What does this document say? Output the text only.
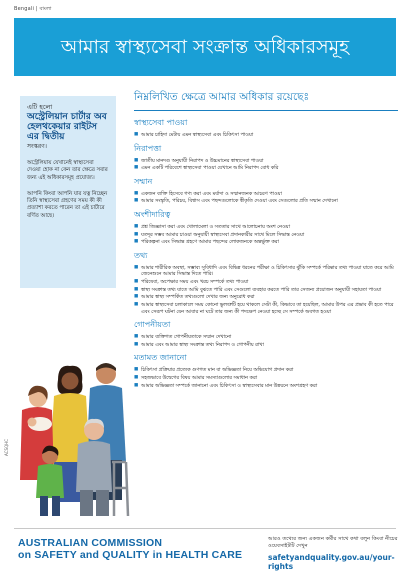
Bengali | বাংলা
আমার স্বাস্থ্যসেবা সংক্রান্ত অধিকারসমূহ
এটি হলো
অস্ট্রেলিয়ান চার্টার অব হেলথকেয়ার রাইটস এর দ্বিতীয়
সংস্করণ।

অস্ট্রেলিয়ায় যেখানেই স্বাস্থ্যসেবা দেওয়া হোক না কেন তার ক্ষেত্রে সবার জন্য এই অধিকারসমূহ প্রযোজ্য।

আপনি কিংবা আপনি যার যত্ন নিচ্ছেন তিনি স্বাস্থ্যসেবা গ্রহণের সময় কী কী প্রত্যাশা করতে পারেন তা এই চার্টারে বর্ণিত আছে।

নিম্নলিখিত ক্ষেত্রে আমার অধিকার রয়েছেঃ
স্বাস্থ্যসেবা পাওয়া
■ আমার চাহিদা মেটায় এমন স্বাস্থ্যসেবা এবং চিকিৎসা পাওয়া
নিরাপত্তা
■ জাতীয় মানদণ্ড অনুযায়ী নিরাপদ ও উচ্চমানের স্বাস্থ্যসেবা পাওয়া
■ এমন একটি পরিবেশে স্বাস্থ্যসেবা পাওয়া যেখানে আমি নিরাপদ বোধ করি
সম্মান
■ একজন ব্যক্তি হিসেবে গণ্য করা এবং মর্যাদা ও সম্মানজনক আচরণ পাওয়া
■ আমার সংস্কৃতি, পরিচয়, বিশ্বাস এবং পছন্দগুলোকে স্বীকৃতি দেওয়া এবং সেগুলোর প্রতি সম্মান দেখানো
অংশীদারিত্ব
■ প্রশ্ন জিজ্ঞাসা করা এবং খোলামেলা ও সততার সাথে আলোচনায় অংশ নেওয়া
■ যতদূর সম্ভব আমার চাওয়া অনুযায়ী স্বাস্থ্যসেবা প্রদানকারীর সাথে মিলে সিদ্ধান্ত নেওয়া
■ পরিকল্পনা এবং সিদ্ধান্ত গ্রহণে আমার পছন্দের লোকজনকে অন্তর্ভুক্ত করা
তথ্য
■ আমার শারীরিক অবস্থা, সম্ভাব্য সুবিধাদি এবং বিভিন্ন ধরনের পরীক্ষা ও চিকিৎসার ঝুঁকি সম্পর্কে পরিষ্কার তথ্য পাওয়া যাতে করে আমি জেনেশুনে আমার সিদ্ধান্ত দিতে পারি।
■ পরিষেবা, অপেক্ষার সময় এবং খরচ সম্পর্কে তথ্য পাওয়া
■ স্বাস্থ্য সংক্রান্ত তথ্য যাতে আমি বুঝতে পারি এবং সেগুলো ব্যবহার করতে পারি তার সেজন্য প্রয়োজন অনুযায়ী সহায়তা পাওয়া
■ আমার স্বাস্থ্য সম্পর্কিত তথ্যগুলো দেখার জন্য অনুরোধ করা
■ আমার স্বাস্থ্যসেবা চলাকালে সময় কোনো ভুলত্রুটি হয়ে থাকলে সেটা কী, কিভাবে তা হয়েছিল, আমার উপর এর প্রভাব কী হতে পারে এবং সেরূপ ঘটনা যেন আবার না ঘটে তার জন্য কী পদক্ষেপ নেওয়া হচ্ছে সে সম্পর্কে অবগত হওয়া
গোপনীয়তা
■ আমার ব্যক্তিগত গোপনীয়তাকে সম্মান দেখানো
■ আমার এবং আমার স্বাস্থ্য সংক্রান্ত তথ্য নিরাপদ ও গোপনীয় রাখা
মতামত জানানো
■ চিকিৎসা প্রক্রিয়ার প্রত্যেক গুণগত মান বা অভিজ্ঞতা নিয়ে অভিযোগ প্রদান করা
■ সহজভাবে উদ্বেগের বিষয় আমার সমস্যাগুলোর সমাধান করা
■ আমার অভিজ্ঞতা সম্পর্কে জানানো এবং চিকিৎসা ও স্বাস্থ্যসেবার মান উন্নয়নে অংশগ্রহণ করা
ACSQHC
AUSTRALIAN COMMISSION
on SAFETY and QUALITY in HEALTH CARE
আরও তথ্যের জন্য একজন কর্মীর সাথে কথা বলুন কিংবা নীচের ওয়েবসাইটটি দেখুন
safetyandquality.gov.au/your-rights
